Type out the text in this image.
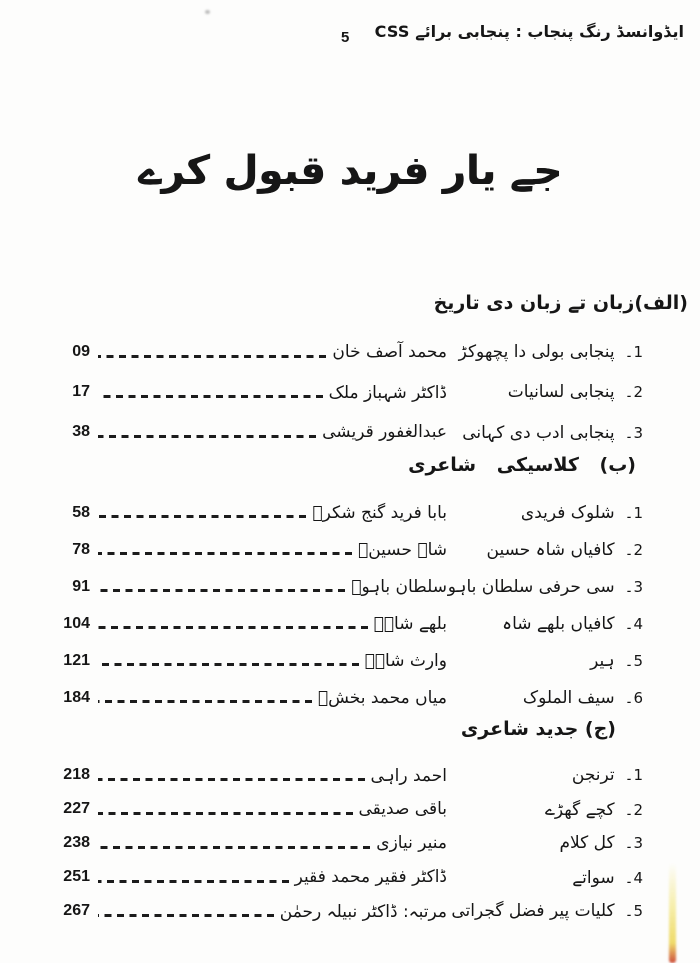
5 ایڈوانسڈ رنگ پنجاب : پنجابی برائے CSS
جے یار فرید قبول کرے
(الف)زبان تے زبان دی تاریخ
1۔
پنجابی بولی دا پچھوکڑ
محمد آصف خان
09
2۔
پنجابی لسانیات
ڈاکٹر شہباز ملک
17
3۔
پنجابی ادب دی کہانی
عبدالغفور قریشی
38
(ب) کلاسیکی شاعری
1۔
شلوک فریدی
بابا فرید گنج شکرؒ
58
2۔
کافیاں شاہ حسین
شاہ حسینؒ
78
3۔
سی حرفی سلطان باہو
سلطان باہوؒ
91
4۔
کافیاں بلھے شاہ
بلھے شاہؒ
104
5۔
ہیر
وارث شاہؒ
121
6۔
سیف الملوک
میاں محمد بخشؒ
184
(ج) جدید شاعری
1۔
ترنجن
احمد راہی
218
2۔
کچے گھڑے
باقی صدیقی
227
3۔
کل کلام
منیر نیازی
238
4۔
سواتے
ڈاکٹر فقیر محمد فقیر
251
5۔
کلیات پیر فضل گجراتی
مرتبہ: ڈاکٹر نبیلہ رحمٰن
267
